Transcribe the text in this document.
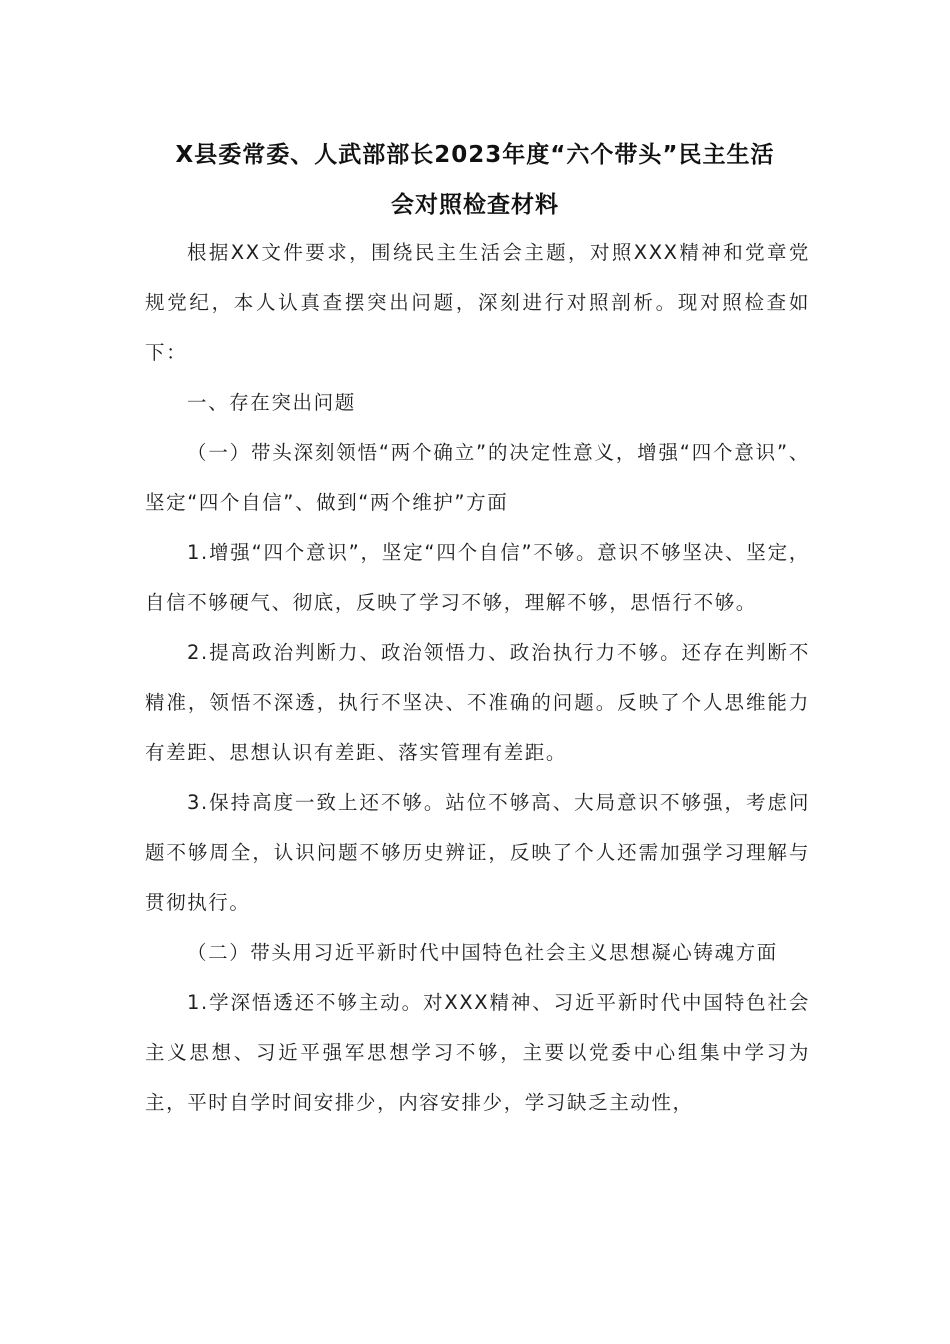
X县委常委、人武部部长2023年度“六个带头”民主生活
会对照检查材料

根据XX文件要求，围绕民主生活会主题，对照XXX精神和党章党规党纪，本人认真查摆突出问题，深刻进行对照剖析。现对照检查如下：

一、存在突出问题

（一）带头深刻领悟“两个确立”的决定性意义，增强“四个意识”、坚定“四个自信”、做到“两个维护”方面

1.增强“四个意识”，坚定“四个自信”不够。意识不够坚决、坚定，自信不够硬气、彻底，反映了学习不够，理解不够，思悟行不够。

2.提高政治判断力、政治领悟力、政治执行力不够。还存在判断不精准，领悟不深透，执行不坚决、不准确的问题。反映了个人思维能力有差距、思想认识有差距、落实管理有差距。

3.保持高度一致上还不够。站位不够高、大局意识不够强，考虑问题不够周全，认识问题不够历史辨证，反映了个人还需加强学习理解与贯彻执行。

（二）带头用习近平新时代中国特色社会主义思想凝心铸魂方面

1.学深悟透还不够主动。对XXX精神、习近平新时代中国特色社会主义思想、习近平强军思想学习不够，主要以党委中心组集中学习为主，平时自学时间安排少，内容安排少，学习缺乏主动性，
